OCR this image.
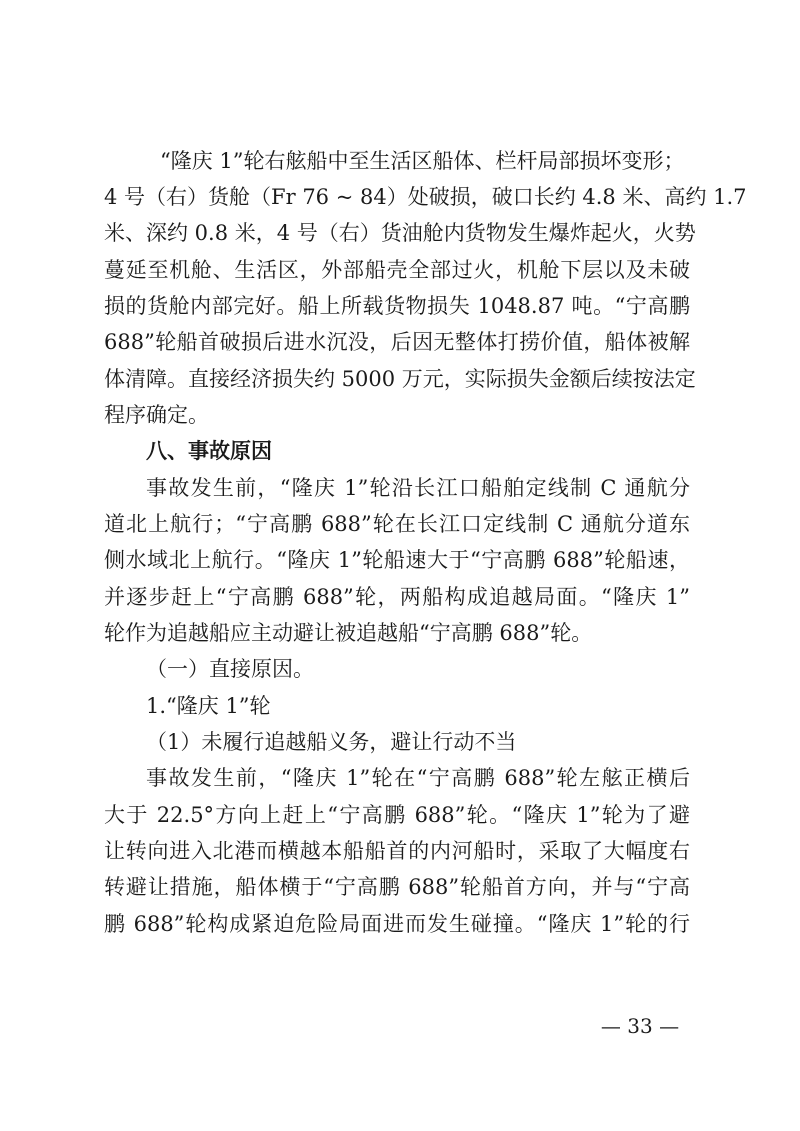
“隆庆 1”轮右舷船中至生活区船体、栏杆局部损坏变形；
4 号（右）货舱（Fr 76 ~ 84）处破损，破口长约 4.8 米、高约 1.7
米、深约 0.8 米，4 号（右）货油舱内货物发生爆炸起火，火势
蔓延至机舱、生活区，外部船壳全部过火，机舱下层以及未破
损的货舱内部完好。船上所载货物损失 1048.87 吨。“宁高鹏
688”轮船首破损后进水沉没，后因无整体打捞价值，船体被解
体清障。直接经济损失约 5000 万元，实际损失金额后续按法定
程序确定。
八、事故原因
事故发生前，“隆庆 1”轮沿长江口船舶定线制 C 通航分
道北上航行；“宁高鹏 688”轮在长江口定线制 C 通航分道东
侧水域北上航行。“隆庆 1”轮船速大于“宁高鹏 688”轮船速，
并逐步赶上“宁高鹏 688”轮，两船构成追越局面。“隆庆 1”
轮作为追越船应主动避让被追越船“宁高鹏 688”轮。
（一）直接原因。
1.“隆庆 1”轮
（1）未履行追越船义务，避让行动不当
事故发生前，“隆庆 1”轮在“宁高鹏 688”轮左舷正横后
大于 22.5°方向上赶上“宁高鹏 688”轮。“隆庆 1”轮为了避
让转向进入北港而横越本船船首的内河船时，采取了大幅度右
转避让措施，船体横于“宁高鹏 688”轮船首方向，并与“宁高
鹏 688”轮构成紧迫危险局面进而发生碰撞。“隆庆 1”轮的行
— 33 —
